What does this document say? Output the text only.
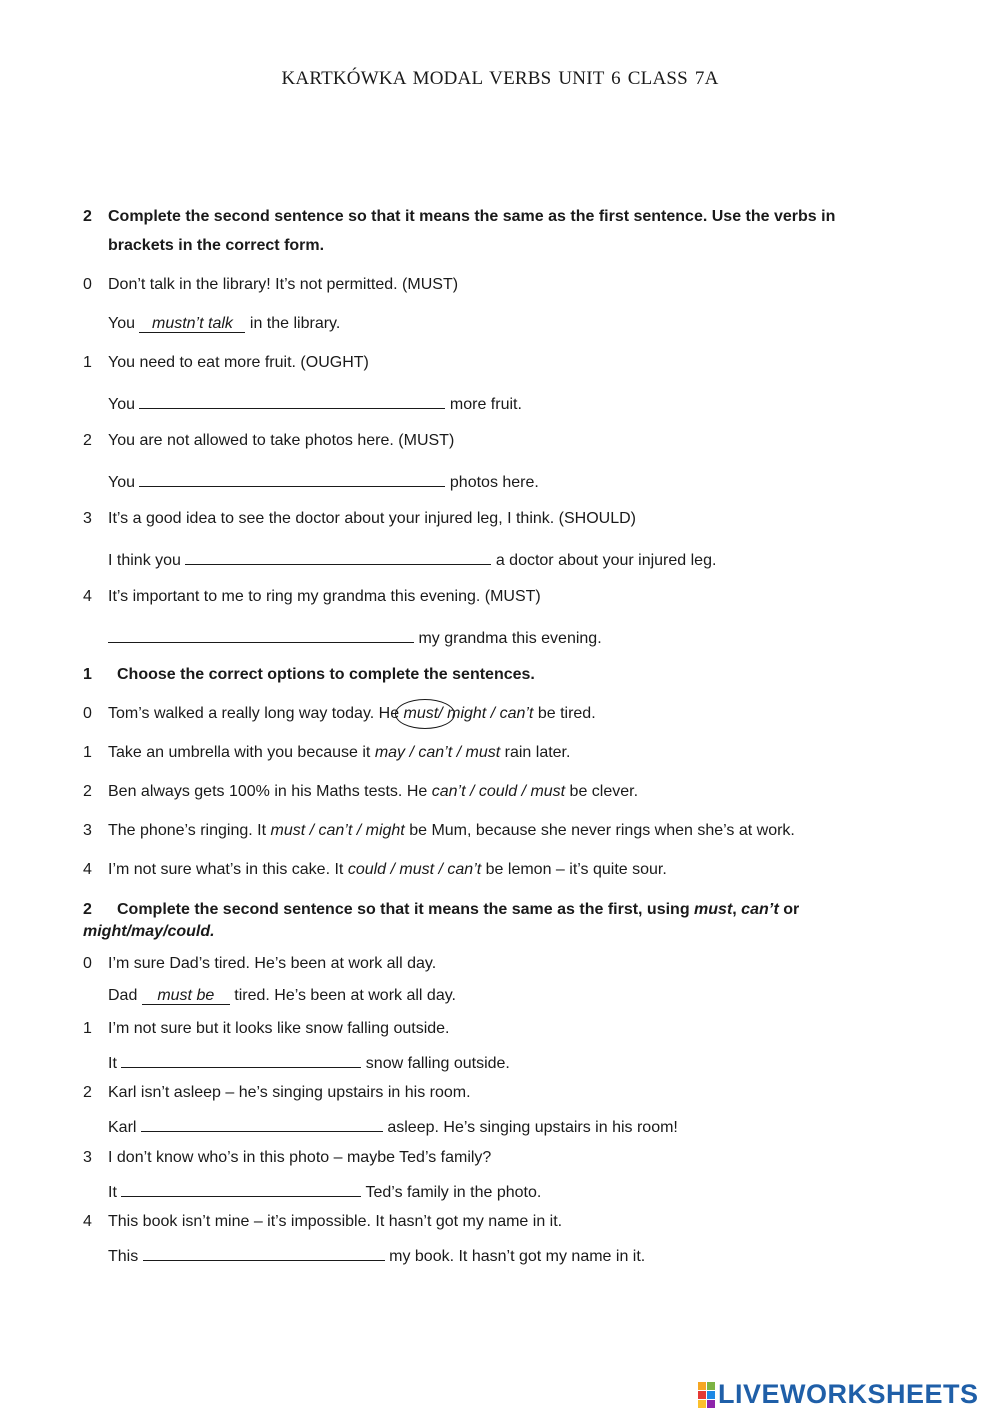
KARTKÓWKA MODAL VERBS UNIT 6 CLASS 7A
2 Complete the second sentence so that it means the same as the first sentence. Use the verbs in
brackets in the correct form.
0 Don’t talk in the library! It’s not permitted. (MUST)
You mustn’t talk in the library.
1 You need to eat more fruit. (OUGHT)
You	more fruit.
2 You are not allowed to take photos here. (MUST)
You	photos here.
3 It’s a good idea to see the doctor about your injured leg, I think. (SHOULD)
I think you	a doctor about your injured leg.
4 It’s important to me to ring my grandma this evening. (MUST)
my grandma this evening.
1 Choose the correct options to complete the sentences.
0 Tom’s walked a really long way today. He must
/ might / can’t be tired.
1 Take an umbrella with you because it may / can’t / must rain later.
2 Ben always gets 100% in his Maths tests. He can’t / could / must be clever.
3 The phone’s ringing. It must / can’t / might be Mum, because she never rings when she’s at work.
4 I’m not sure what’s in this cake. It could / must / can’t be lemon – it’s quite sour.
2 Complete the second sentence so that it means the same as the first, using must, can’t or
might/may/could.
0 I’m sure Dad’s tired. He’s been at work all day.
Dad must be tired. He’s been at work all day.
1 I’m not sure but it looks like snow falling outside.
It	snow falling outside.
2 Karl isn’t asleep – he’s singing upstairs in his room.
Karl	asleep. He’s singing upstairs in his room!
3 I don’t know who’s in this photo – maybe Ted’s family?
It	Ted’s family in the photo.
4 This book isn’t mine – it’s impossible. It hasn’t got my name in it.
This	my book. It hasn’t got my name in it.
LIVEWORKSHEETS
